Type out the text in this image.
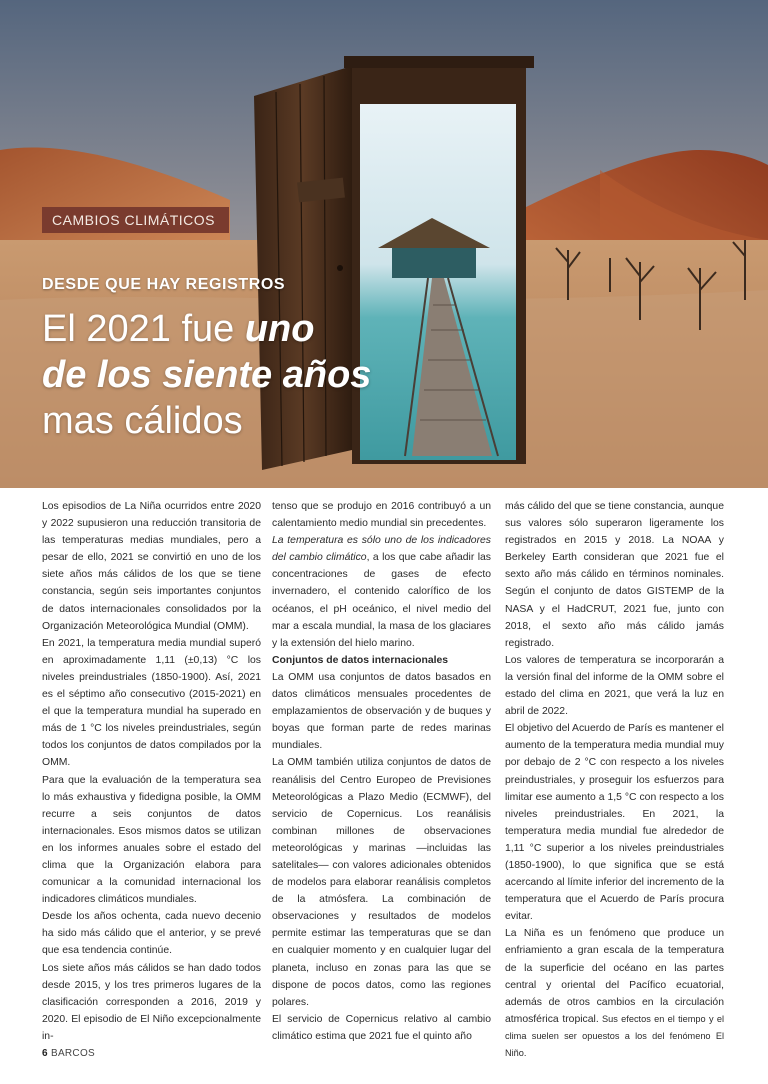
CAMBIOS CLIMÁTICOS
DESDE QUE HAY REGISTROS
El 2021 fue uno
de los siente años
mas cálidos

Los episodios de La Niña ocurridos entre 2020 y 2022 supusieron una reducción transitoria de las temperaturas medias mundiales, pero a pesar de ello, 2021 se convirtió en uno de los siete años más cálidos de los que se tiene constancia, según seis importantes conjuntos de datos internacionales consolidados por la Organización Meteorológica Mundial (OMM).

En 2021, la temperatura media mundial superó en aproximadamente 1,11 (±0,13) °C los niveles preindustriales (1850-1900). Así, 2021 es el séptimo año consecutivo (2015-2021) en el que la temperatura mundial ha superado en más de 1 °C los niveles preindustriales, según todos los conjuntos de datos compilados por la OMM.

Para que la evaluación de la temperatura sea lo más exhaustiva y fidedigna posible, la OMM recurre a seis conjuntos de datos internacionales. Esos mismos datos se utilizan en los informes anuales sobre el estado del clima que la Organización elabora para comunicar a la comunidad internacional los indicadores climáticos mundiales.

Desde los años ochenta, cada nuevo decenio ha sido más cálido que el anterior, y se prevé que esa tendencia continúe.

Los siete años más cálidos se han dado todos desde 2015, y los tres primeros lugares de la clasificación corresponden a 2016, 2019 y 2020. El episodio de El Niño excepcionalmente in-

tenso que se produjo en 2016 contribuyó a un calentamiento medio mundial sin precedentes.

La temperatura es sólo uno de los indicadores del cambio climático, a los que cabe añadir las concentraciones de gases de efecto invernadero, el contenido calorífico de los océanos, el pH oceánico, el nivel medio del mar a escala mundial, la masa de los glaciares y la extensión del hielo marino.

Conjuntos de datos internacionales

La OMM usa conjuntos de datos basados en datos climáticos mensuales procedentes de emplazamientos de observación y de buques y boyas que forman parte de redes marinas mundiales.

La OMM también utiliza conjuntos de datos de reanálisis del Centro Europeo de Previsiones Meteorológicas a Plazo Medio (ECMWF), del servicio de Copernicus. Los reanálisis combinan millones de observaciones meteorológicas y marinas —incluidas las satelitales— con valores adicionales obtenidos de modelos para elaborar reanálisis completos de la atmósfera. La combinación de observaciones y resultados de modelos permite estimar las temperaturas que se dan en cualquier momento y en cualquier lugar del planeta, incluso en zonas para las que se dispone de pocos datos, como las regiones polares.

El servicio de Copernicus relativo al cambio climático estima que 2021 fue el quinto año

más cálido del que se tiene constancia, aunque sus valores sólo superaron ligeramente los registrados en 2015 y 2018. La NOAA y Berkeley Earth consideran que 2021 fue el sexto año más cálido en términos nominales. Según el conjunto de datos GISTEMP de la NASA y el HadCRUT, 2021 fue, junto con 2018, el sexto año más cálido jamás registrado.

Los valores de temperatura se incorporarán a la versión final del informe de la OMM sobre el estado del clima en 2021, que verá la luz en abril de 2022.

El objetivo del Acuerdo de París es mantener el aumento de la temperatura media mundial muy por debajo de 2 °C con respecto a los niveles preindustriales, y proseguir los esfuerzos para limitar ese aumento a 1,5 °C con respecto a los niveles preindustriales. En 2021, la temperatura media mundial fue alrededor de 1,11 °C superior a los niveles preindustriales (1850-1900), lo que significa que se está acercando al límite inferior del incremento de la temperatura que el Acuerdo de París procura evitar.

La Niña es un fenómeno que produce un enfriamiento a gran escala de la temperatura de la superficie del océano en las partes central y oriental del Pacífico ecuatorial, además de otros cambios en la circulación atmosférica tropical. Sus efectos en el tiempo y el clima suelen ser opuestos a los del fenómeno El Niño.

6 BARCOS
